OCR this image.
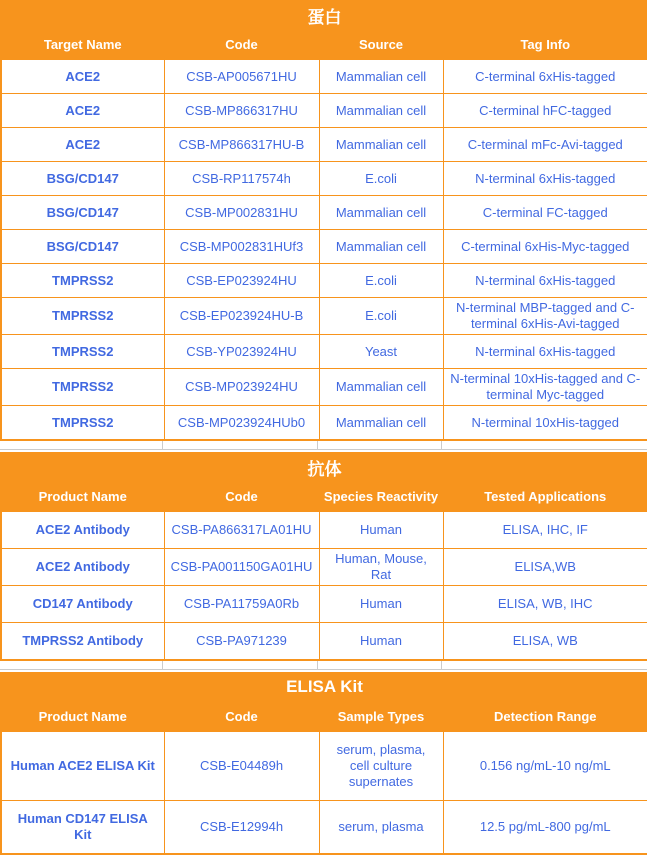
蛋白			
Target Name	Code	Source	Tag Info
ACE2	CSB-AP005671HU	Mammalian cell	C-terminal 6xHis-tagged
ACE2	CSB-MP866317HU	Mammalian cell	C-terminal hFC-tagged
ACE2	CSB-MP866317HU-B	Mammalian cell	C-terminal mFc-Avi-tagged
BSG/CD147	CSB-RP117574h	E.coli	N-terminal 6xHis-tagged
BSG/CD147	CSB-MP002831HU	Mammalian cell	C-terminal FC-tagged
BSG/CD147	CSB-MP002831HUf3	Mammalian cell	C-terminal 6xHis-Myc-tagged
TMPRSS2	CSB-EP023924HU	E.coli	N-terminal 6xHis-tagged
TMPRSS2	CSB-EP023924HU-B	E.coli	N-terminal MBP-tagged and C-terminal 6xHis-Avi-tagged
TMPRSS2	CSB-YP023924HU	Yeast	N-terminal 6xHis-tagged
TMPRSS2	CSB-MP023924HU	Mammalian cell	N-terminal 10xHis-tagged and C-terminal Myc-tagged
TMPRSS2	CSB-MP023924HUb0	Mammalian cell	N-terminal 10xHis-tagged
抗体			
Product Name	Code	Species Reactivity	Tested Applications
ACE2 Antibody	CSB-PA866317LA01HU	Human	ELISA, IHC, IF
ACE2 Antibody	CSB-PA001150GA01HU	Human, Mouse, Rat	ELISA,WB
CD147 Antibody	CSB-PA11759A0Rb	Human	ELISA, WB, IHC
TMPRSS2 Antibody	CSB-PA971239	Human	ELISA, WB
ELISA Kit			
Product Name	Code	Sample Types	Detection Range
Human ACE2 ELISA Kit	CSB-E04489h	serum, plasma, cell culture supernates	0.156 ng/mL-10 ng/mL
Human CD147 ELISA Kit	CSB-E12994h	serum, plasma	12.5 pg/mL-800 pg/mL
